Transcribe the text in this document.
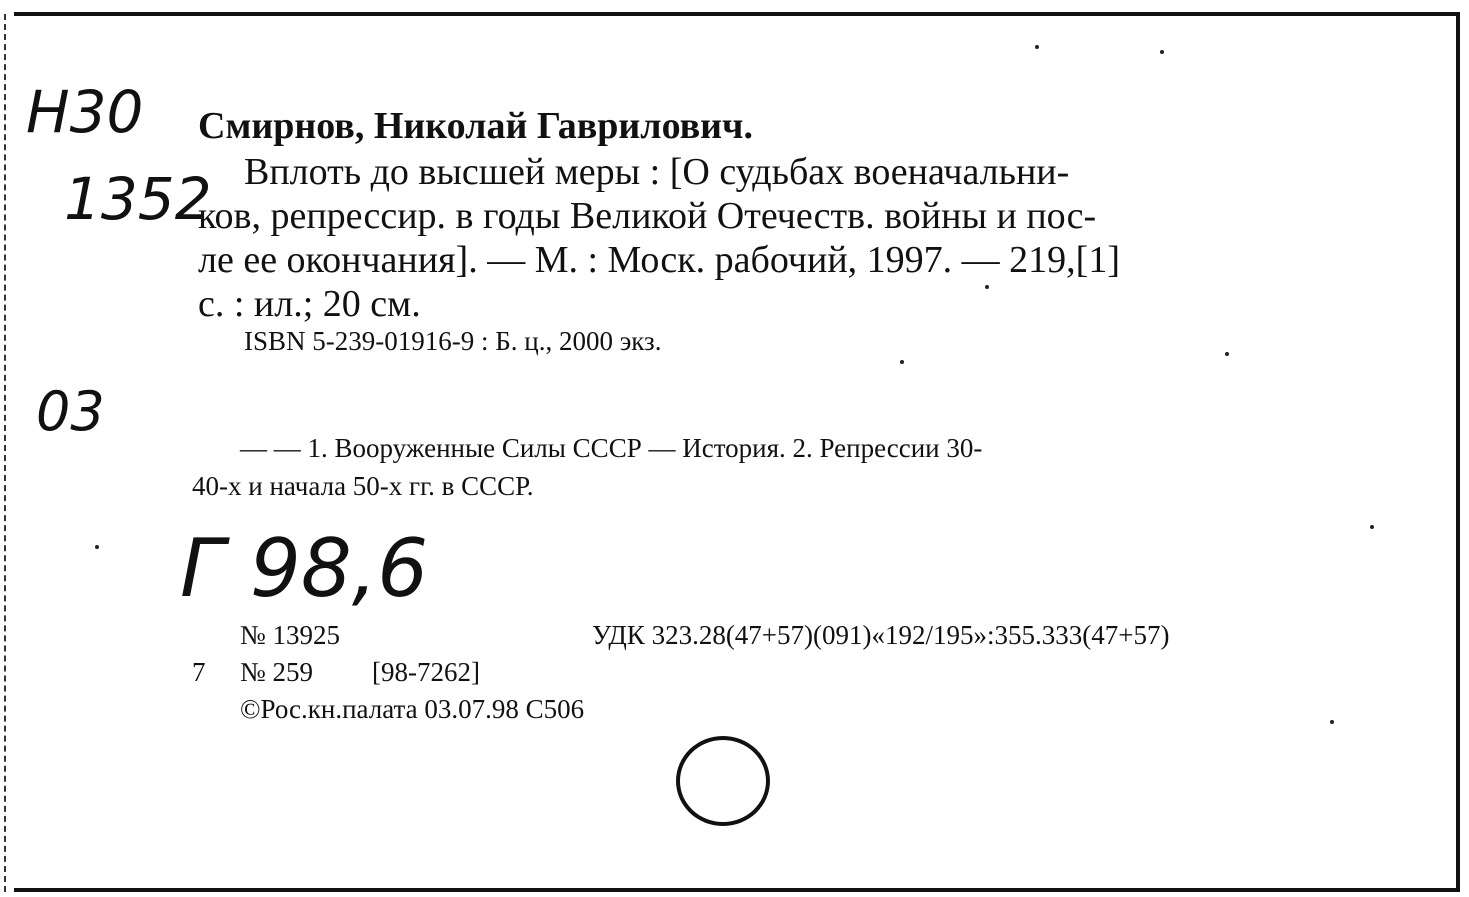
Н30
1352
03
Г 98,6
Смирнов, Николай Гаврилович.
Вплоть до высшей меры : [О судьбах военачальни-
ков, репрессир. в годы Великой Отечеств. войны и пос-
ле ее окончания]. — М. : Моск. рабочий, 1997. — 219,[1]
с. : ил.; 20 см.
ISBN 5-239-01916-9 : Б. ц., 2000 экз.
— — 1. Вооруженные Силы СССР — История. 2. Репрессии 30-
40-х и начала 50-х гг. в СССР.
№ 13925	УДК 323.28(47+57)(091)«192/195»:355.333(47+57)
7 № 259 [98-7262]
©Рос.кн.палата 03.07.98 С506
